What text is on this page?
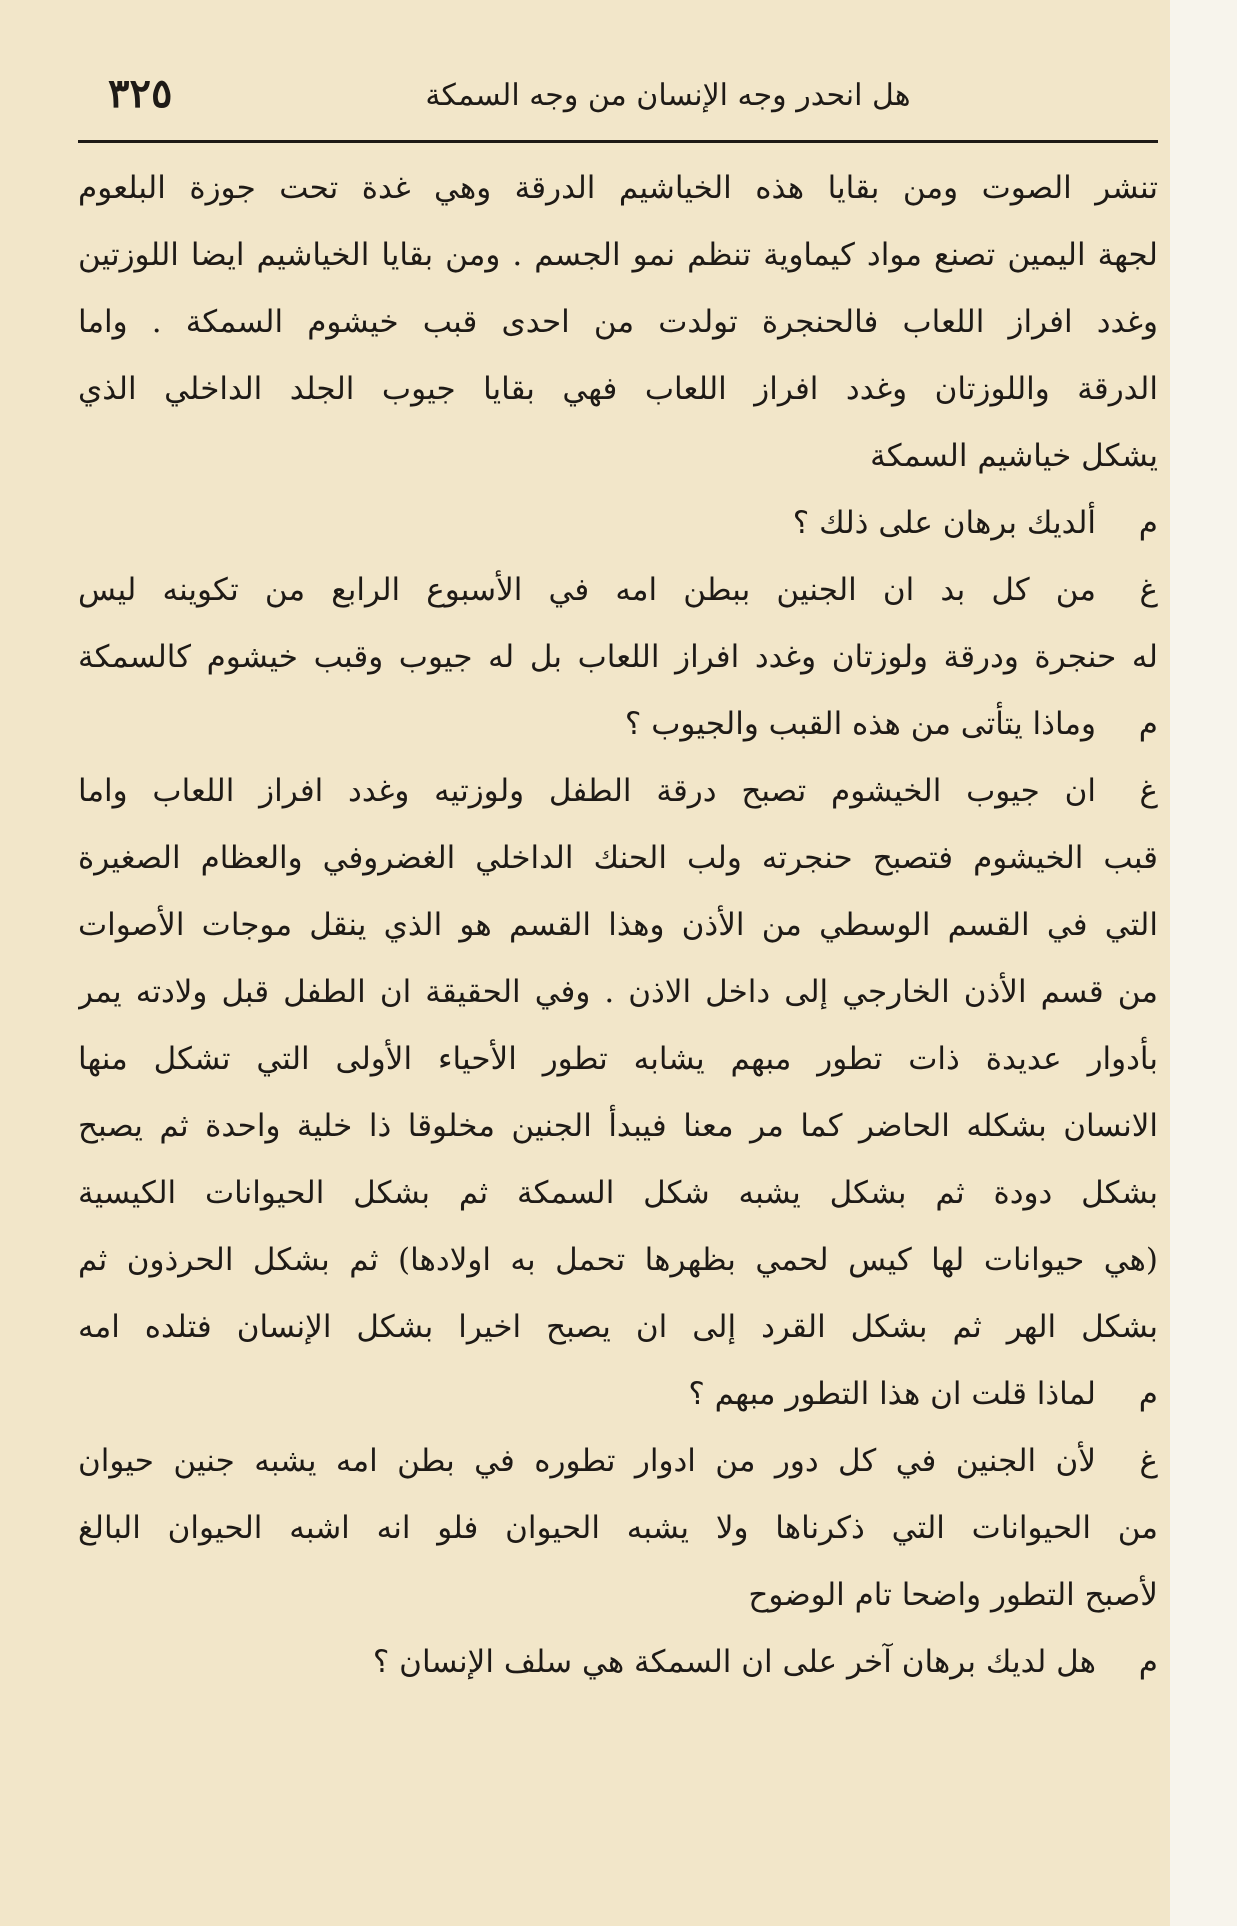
٣٢٥	هل انحدر وجه الإنسان من وجه السمكة
تنشر الصوت ومن بقايا هذه الخياشيم الدرقة وهي غدة تحت جوزة البلعوم
لجهة اليمين تصنع مواد كيماوية تنظم نمو الجسم . ومن بقايا الخياشيم ايضا اللوزتين
وغدد افراز اللعاب فالحنجرة تولدت من احدى قبب خيشوم السمكة . واما
الدرقة واللوزتان وغدد افراز اللعاب فهي بقايا جيوب الجلد الداخلي الذي
يشكل خياشيم السمكة
مألديك برهان على ذلك ؟
غمن كل بد ان الجنين ببطن امه في الأسبوع الرابع من تكوينه ليس
له حنجرة ودرقة ولوزتان وغدد افراز اللعاب بل له جيوب وقبب خيشوم كالسمكة
موماذا يتأتى من هذه القبب والجيوب ؟
غان جيوب الخيشوم تصبح درقة الطفل ولوزتيه وغدد افراز اللعاب واما
قبب الخيشوم فتصبح حنجرته ولب الحنك الداخلي الغضروفي والعظام الصغيرة
التي في القسم الوسطي من الأذن وهذا القسم هو الذي ينقل موجات الأصوات
من قسم الأذن الخارجي إلى داخل الاذن . وفي الحقيقة ان الطفل قبل ولادته يمر
بأدوار عديدة ذات تطور مبهم يشابه تطور الأحياء الأولى التي تشكل منها
الانسان بشكله الحاضر كما مر معنا فيبدأ الجنين مخلوقا ذا خلية واحدة ثم يصبح
بشكل دودة ثم بشكل يشبه شكل السمكة ثم بشكل الحيوانات الكيسية
(هي حيوانات لها كيس لحمي بظهرها تحمل به اولادها) ثم بشكل الحرذون ثم
بشكل الهر ثم بشكل القرد إلى ان يصبح اخيرا بشكل الإنسان فتلده امه
ملماذا قلت ان هذا التطور مبهم ؟
غلأن الجنين في كل دور من ادوار تطوره في بطن امه يشبه جنين حيوان
من الحيوانات التي ذكرناها ولا يشبه الحيوان فلو انه اشبه الحيوان البالغ
لأصبح التطور واضحا تام الوضوح
مهل لديك برهان آخر على ان السمكة هي سلف الإنسان ؟
